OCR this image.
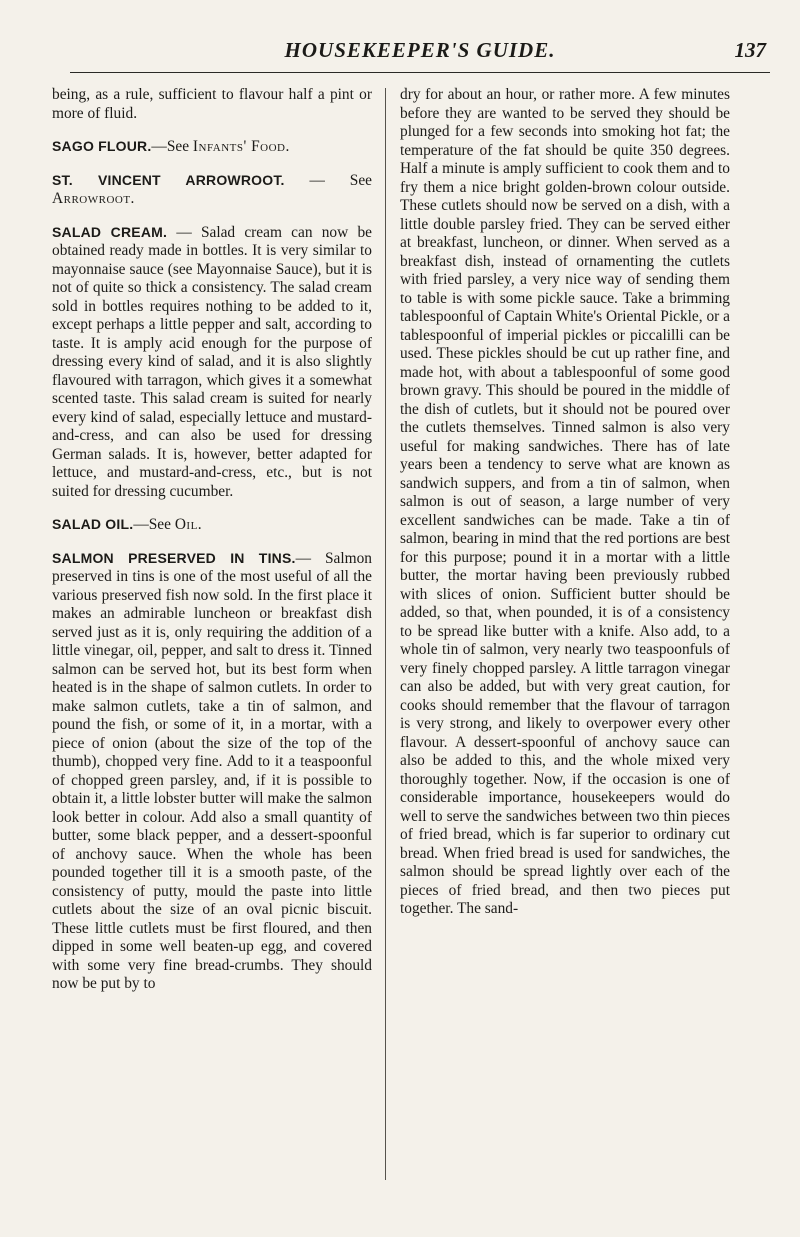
HOUSEKEEPER'S GUIDE.	137

being, as a rule, sufficient to flavour half a pint or more of fluid.

SAGO FLOUR.—See Infants' Food.

ST. VINCENT ARROWROOT. — See Arrowroot.

SALAD CREAM. — Salad cream can now be obtained ready made in bottles. It is very similar to mayonnaise sauce (see Mayonnaise Sauce), but it is not of quite so thick a consistency. The salad cream sold in bottles requires nothing to be added to it, except perhaps a little pepper and salt, according to taste. It is amply acid enough for the purpose of dressing every kind of salad, and it is also slightly flavoured with tarragon, which gives it a somewhat scented taste. This salad cream is suited for nearly every kind of salad, especially lettuce and mustard-and-cress, and can also be used for dressing German salads. It is, however, better adapted for lettuce, and mustard-and-cress, etc., but is not suited for dressing cucumber.

SALAD OIL.—See Oil.

SALMON PRESERVED IN TINS.— Salmon preserved in tins is one of the most useful of all the various preserved fish now sold. In the first place it makes an admirable luncheon or breakfast dish served just as it is, only requiring the addition of a little vinegar, oil, pepper, and salt to dress it. Tinned salmon can be served hot, but its best form when heated is in the shape of salmon cutlets. In order to make salmon cutlets, take a tin of salmon, and pound the fish, or some of it, in a mortar, with a piece of onion (about the size of the top of the thumb), chopped very fine. Add to it a teaspoonful of chopped green parsley, and, if it is possible to obtain it, a little lobster butter will make the salmon look better in colour. Add also a small quantity of butter, some black pepper, and a dessert-spoonful of anchovy sauce. When the whole has been pounded together till it is a smooth paste, of the consistency of putty, mould the paste into little cutlets about the size of an oval picnic biscuit. These little cutlets must be first floured, and then dipped in some well beaten-up egg, and covered with some very fine bread-crumbs. They should now be put by to

dry for about an hour, or rather more. A few minutes before they are wanted to be served they should be plunged for a few seconds into smoking hot fat; the temperature of the fat should be quite 350 degrees. Half a minute is amply sufficient to cook them and to fry them a nice bright golden-brown colour outside. These cutlets should now be served on a dish, with a little double parsley fried. They can be served either at breakfast, luncheon, or dinner. When served as a breakfast dish, instead of ornamenting the cutlets with fried parsley, a very nice way of sending them to table is with some pickle sauce. Take a brimming tablespoonful of Captain White's Oriental Pickle, or a tablespoonful of imperial pickles or piccalilli can be used. These pickles should be cut up rather fine, and made hot, with about a tablespoonful of some good brown gravy. This should be poured in the middle of the dish of cutlets, but it should not be poured over the cutlets themselves. Tinned salmon is also very useful for making sandwiches. There has of late years been a tendency to serve what are known as sandwich suppers, and from a tin of salmon, when salmon is out of season, a large number of very excellent sandwiches can be made. Take a tin of salmon, bearing in mind that the red portions are best for this purpose; pound it in a mortar with a little butter, the mortar having been previously rubbed with slices of onion. Sufficient butter should be added, so that, when pounded, it is of a consistency to be spread like butter with a knife. Also add, to a whole tin of salmon, very nearly two teaspoonfuls of very finely chopped parsley. A little tarragon vinegar can also be added, but with very great caution, for cooks should remember that the flavour of tarragon is very strong, and likely to overpower every other flavour. A dessert-spoonful of anchovy sauce can also be added to this, and the whole mixed very thoroughly together. Now, if the occasion is one of considerable importance, housekeepers would do well to serve the sandwiches between two thin pieces of fried bread, which is far superior to ordinary cut bread. When fried bread is used for sandwiches, the salmon should be spread lightly over each of the pieces of fried bread, and then two pieces put together. The sand-
